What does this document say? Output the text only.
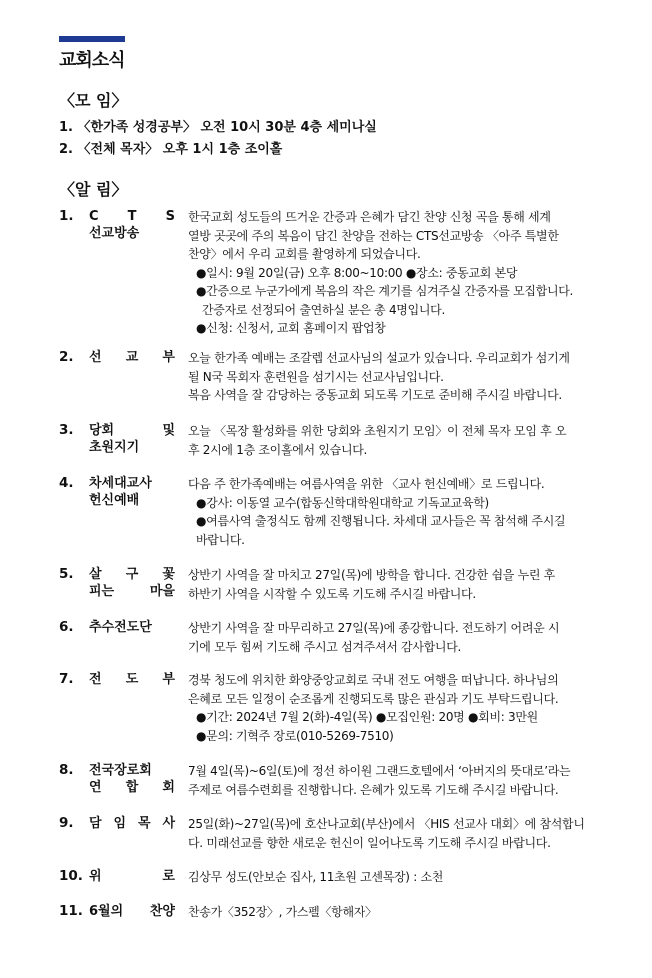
교회소식
〈모 임〉
1. 〈한가족 성경공부〉 오전 10시 30분 4층 세미나실
2. 〈전체 목자〉 오후 1시 1층 조이홀
〈알 림〉
1. C T S
선교방송
한국교회 성도들의 뜨거운 간증과 은혜가 담긴 찬양 신청 곡을 통해 세계
열방 곳곳에 주의 복음이 담긴 찬양을 전하는 CTS선교방송 〈아주 특별한
찬양〉에서 우리 교회를 촬영하게 되었습니다.
●일시: 9월 20일(금) 오후 8:00~10:00 ●장소: 중동교회 본당
●간증으로 누군가에게 복음의 작은 계기를 심겨주실 간증자를 모집합니다.
간증자로 선정되어 출연하실 분은 총 4명입니다.
●신청: 신청서, 교회 홈페이지 팝업창
2. 선 교 부 오늘 한가족 예배는 조갈렙 선교사님의 설교가 있습니다. 우리교회가 섬기게
될 N국 목회자 훈련원을 섬기시는 선교사님입니다.
복음 사역을 잘 감당하는 중동교회 되도록 기도로 준비해 주시길 바랍니다.
3. 당회 및
초원지기
오늘 〈목장 활성화를 위한 당회와 초원지기 모임〉이 전체 목자 모임 후 오
후 2시에 1층 조이홀에서 있습니다.
4. 차세대교사
헌신예배
다음 주 한가족예배는 여름사역을 위한 〈교사 헌신예배〉로 드립니다.
●강사: 이동열 교수(합동신학대학원대학교 기독교교육학)
●여름사역 출정식도 함께 진행됩니다. 차세대 교사들은 꼭 참석해 주시길
바랍니다.
5. 살 구 꽃
피는 마을
상반기 사역을 잘 마치고 27일(목)에 방학을 합니다. 건강한 쉼을 누린 후
하반기 사역을 시작할 수 있도록 기도해 주시길 바랍니다.
6. 추수전도단	상반기 사역을 잘 마무리하고 27일(목)에 종강합니다. 전도하기 어려운 시
기에 모두 힘써 기도해 주시고 섬겨주셔서 감사합니다.
7. 전 도 부 경북 청도에 위치한 화양중앙교회로 국내 전도 여행을 떠납니다. 하나님의
은혜로 모든 일정이 순조롭게 진행되도록 많은 관심과 기도 부탁드립니다.
●기간: 2024년 7월 2(화)-4일(목) ●모집인원: 20명 ●회비: 3만원
●문의: 기혁주 장로(010-5269-7510)
8. 전국장로회
연 합 회
7월 4일(목)~6일(토)에 정선 하이원 그랜드호텔에서 ‘아버지의 뜻대로’라는
주제로 여름수련회를 진행합니다. 은혜가 있도록 기도해 주시길 바랍니다.
9. 담 임 목 사 25일(화)~27일(목)에 호산나교회(부산)에서 〈HIS 선교사 대회〉에 참석합니
다. 미래선교를 향한 새로운 헌신이 일어나도록 기도해 주시길 바랍니다.
10. 위 로 김상무 성도(안보순 집사, 11초원 고센목장) : 소천
11. 6월의 찬양 찬송가〈352장〉, 가스펠〈항해자〉
